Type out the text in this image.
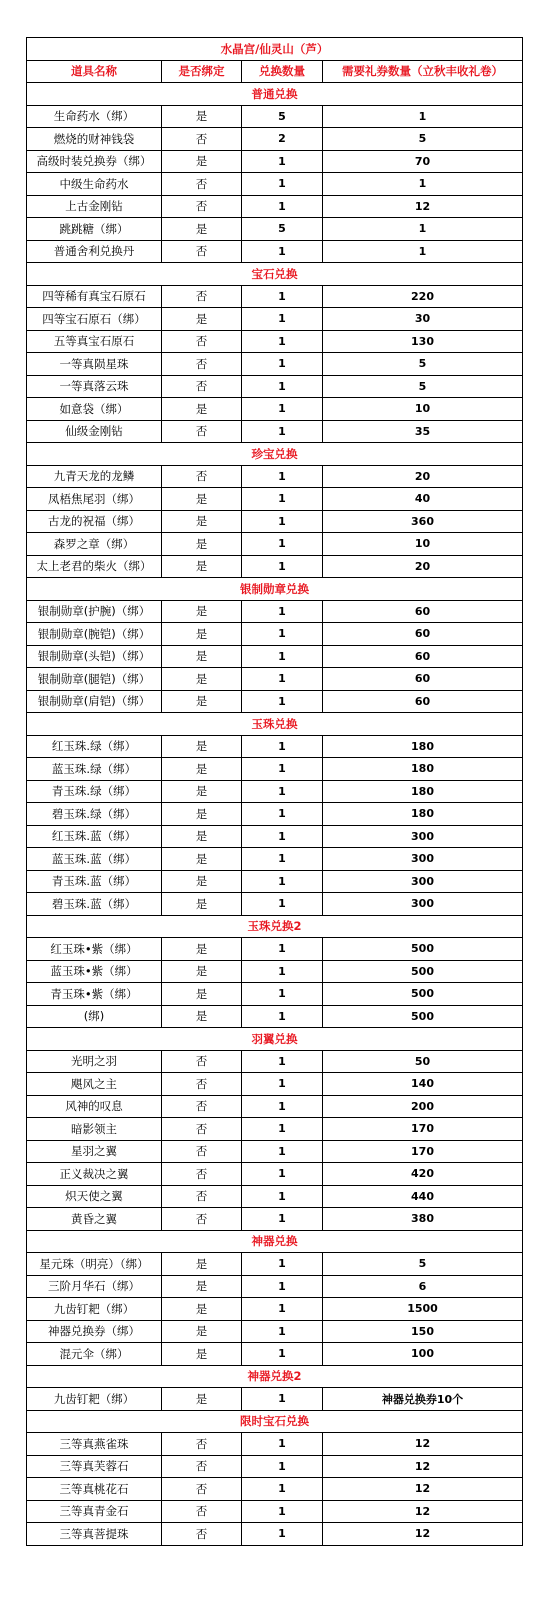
水晶宫/仙灵山（芦）			
道具名称	是否绑定	兑换数量	需要礼券数量（立秋丰收礼卷）
普通兑换			
生命药水（绑）	是	5	1
燃烧的财神钱袋	否	2	5
高级时装兑换券（绑）	是	1	70
中级生命药水	否	1	1
上古金刚钻	否	1	12
跳跳糖（绑）	是	5	1
普通舍利兑换丹	否	1	1
宝石兑换			
四等稀有真宝石原石	否	1	220
四等宝石原石（绑）	是	1	30
五等真宝石原石	否	1	130
一等真陨星珠	否	1	5
一等真落云珠	否	1	5
如意袋（绑）	是	1	10
仙级金刚钻	否	1	35
珍宝兑换			
九青天龙的龙鳞	否	1	20
凤梧焦尾羽（绑）	是	1	40
古龙的祝福（绑）	是	1	360
森罗之章（绑）	是	1	10
太上老君的柴火（绑）	是	1	20
银制勋章兑换			
银制勋章(护腕)（绑）	是	1	60
银制勋章(腕铠)（绑）	是	1	60
银制勋章(头铠)（绑）	是	1	60
银制勋章(腿铠)（绑）	是	1	60
银制勋章(肩铠)（绑）	是	1	60
玉珠兑换			
红玉珠.绿（绑）	是	1	180
蓝玉珠.绿（绑）	是	1	180
青玉珠.绿（绑）	是	1	180
碧玉珠.绿（绑）	是	1	180
红玉珠.蓝（绑）	是	1	300
蓝玉珠.蓝（绑）	是	1	300
青玉珠.蓝（绑）	是	1	300
碧玉珠.蓝（绑）	是	1	300
玉珠兑换2			
红玉珠•紫（绑）	是	1	500
蓝玉珠•紫（绑）	是	1	500
青玉珠•紫（绑）	是	1	500
(绑)	是	1	500
羽翼兑换			
光明之羽	否	1	50
飓风之主	否	1	140
风神的叹息	否	1	200
暗影领主	否	1	170
星羽之翼	否	1	170
正义裁决之翼	否	1	420
炽天使之翼	否	1	440
黄昏之翼	否	1	380
神器兑换			
星元珠（明亮）（绑）	是	1	5
三阶月华石（绑）	是	1	6
九齿钉耙（绑）	是	1	1500
神器兑换券（绑）	是	1	150
混元伞（绑）	是	1	100
神器兑换2			
九齿钉耙（绑）	是	1	神器兑换券10个
限时宝石兑换			
三等真燕雀珠	否	1	12
三等真芙蓉石	否	1	12
三等真桃花石	否	1	12
三等真青金石	否	1	12
三等真菩提珠	否	1	12
